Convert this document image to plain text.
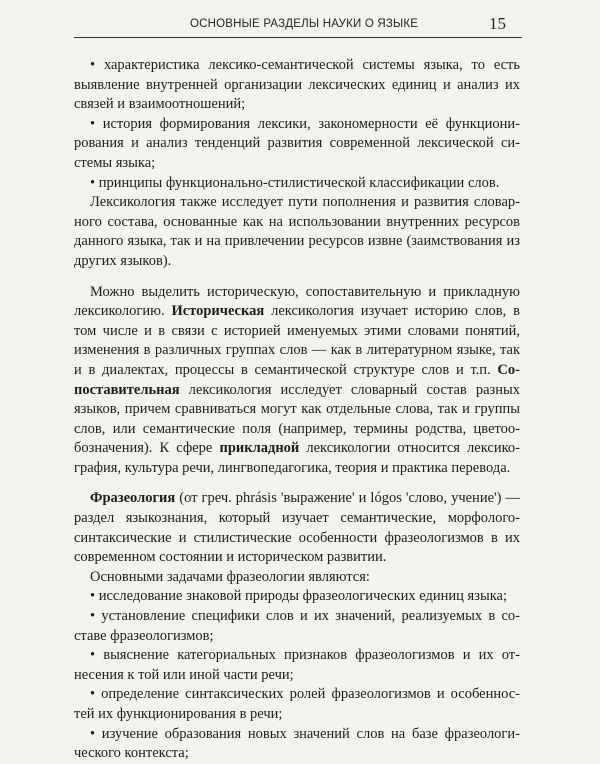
ОСНОВНЫЕ РАЗДЕЛЫ НАУКИ О ЯЗЫКЕ	15

• характеристика лексико-семантической системы языка, то есть выявление внутренней организации лексических единиц и анализ их связей и взаимоотношений;

• история формирования лексики, закономерности её функционирования и анализ тенденций развития современной лексической системы языка;

• принципы функционально-стилистической классификации слов.

Лексикология также исследует пути пополнения и развития словарного состава, основанные как на использовании внутренних ресурсов данного языка, так и на привлечении ресурсов извне (заимствования из других языков).

Можно выделить историческую, сопоставительную и прикладную лексикологию. Историческая лексикология изучает историю слов, в том числе и в связи с историей именуемых этими словами понятий, изменения в различных группах слов — как в литературном языке, так и в диалектах, процессы в семантической структуре слов и т.п. Сопоставительная лексикология исследует словарный состав разных языков, причем сравниваться могут как отдельные слова, так и группы слов, или семантические поля (например, термины родства, цветообозначения). К сфере прикладной лексикологии относится лексикография, культура речи, лингвопедагогика, теория и практика перевода.

Фразеология (от греч. phrásis 'выражение' и lógos 'слово, учение') — раздел языкознания, который изучает семантические, морфолого-синтаксические и стилистические особенности фразеологизмов в их современном состоянии и историческом развитии.

Основными задачами фразеологии являются:

• исследование знаковой природы фразеологических единиц языка;

• установление специфики слов и их значений, реализуемых в составе фразеологизмов;

• выяснение категориальных признаков фразеологизмов и их отнесения к той или иной части речи;

• определение синтаксических ролей фразеологизмов и особенностей их функционирования в речи;

• изучение образования новых значений слов на базе фразеологического контекста;
